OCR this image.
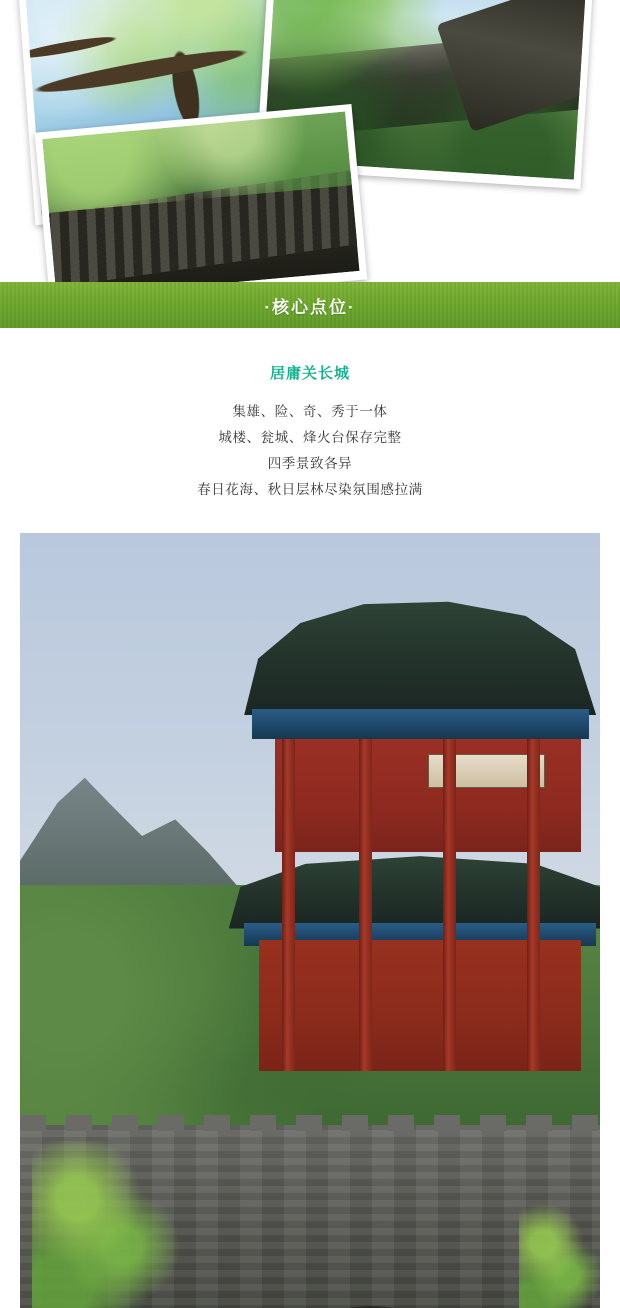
·核心点位·
居庸关长城
集雄、险、奇、秀于一体
城楼、瓮城、烽火台保存完整
四季景致各异
春日花海、秋日层林尽染氛围感拉满
